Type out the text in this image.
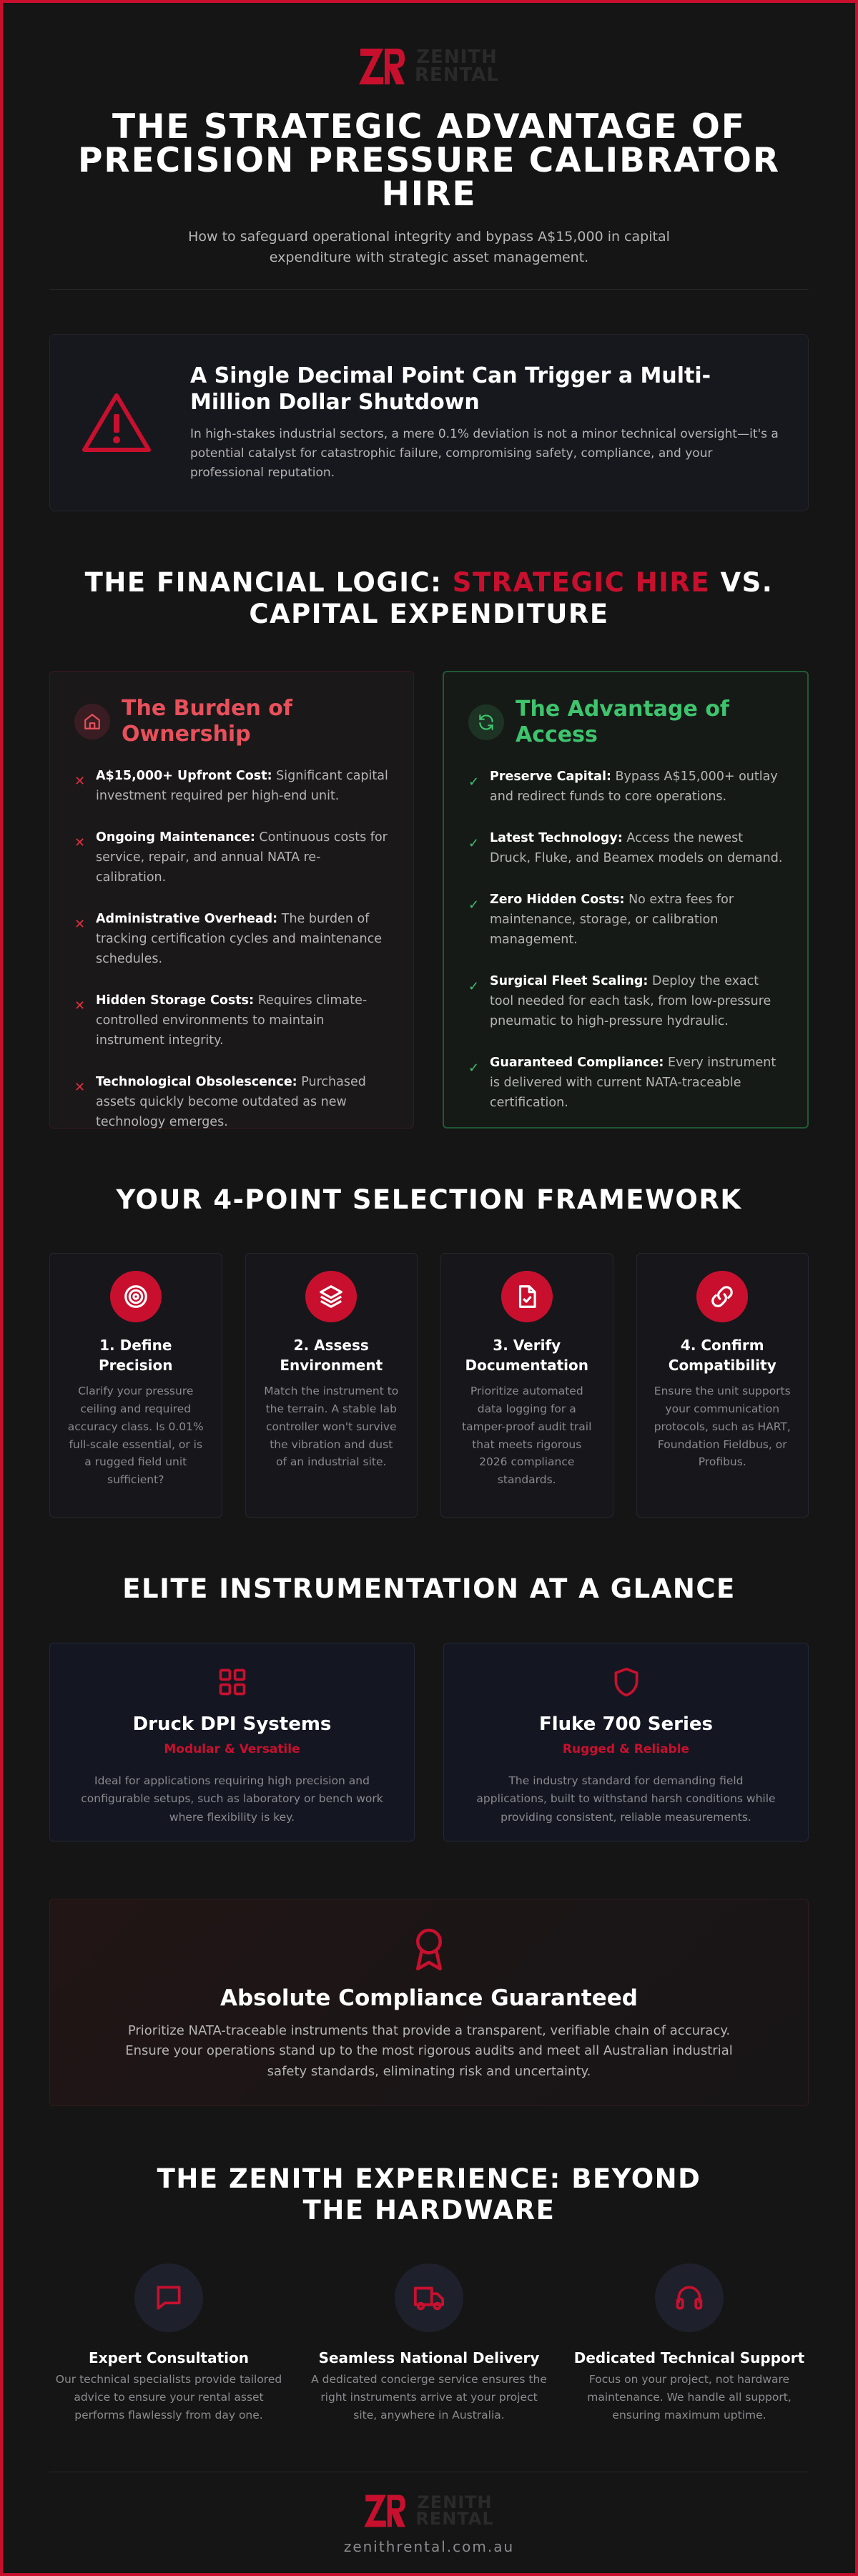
ZENITH
RENTAL
THE STRATEGIC ADVANTAGE OF PRECISION PRESSURE CALIBRATOR HIRE

How to safeguard operational integrity and bypass A$15,000 in capital expenditure with strategic asset management.

A Single Decimal Point Can Trigger a Multi-Million Dollar Shutdown

In high-stakes industrial sectors, a mere 0.1% deviation is not a minor technical oversight—it's a potential catalyst for catastrophic failure, compromising safety, compliance, and your professional reputation.

THE FINANCIAL LOGIC: STRATEGIC HIRE VS. CAPITAL EXPENDITURE
The Burden of Ownership
✕ A$15,000+ Upfront Cost: Significant capital investment required per high-end unit.
✕ Ongoing Maintenance: Continuous costs for service, repair, and annual NATA re-calibration.
✕ Administrative Overhead: The burden of tracking certification cycles and maintenance schedules.
✕ Hidden Storage Costs: Requires climate-controlled environments to maintain instrument integrity.
✕ Technological Obsolescence: Purchased assets quickly become outdated as new technology emerges.
The Advantage of Access
✓ Preserve Capital: Bypass A$15,000+ outlay and redirect funds to core operations.
✓ Latest Technology: Access the newest Druck, Fluke, and Beamex models on demand.
✓ Zero Hidden Costs: No extra fees for maintenance, storage, or calibration management.
✓ Surgical Fleet Scaling: Deploy the exact tool needed for each task, from low-pressure pneumatic to high-pressure hydraulic.
✓ Guaranteed Compliance: Every instrument is delivered with current NATA-traceable certification.
YOUR 4-POINT SELECTION FRAMEWORK
1. Define Precision

Clarify your pressure ceiling and required accuracy class. Is 0.01% full-scale essential, or is a rugged field unit sufficient?

2. Assess Environment

Match the instrument to the terrain. A stable lab controller won't survive the vibration and dust of an industrial site.

3. Verify Documentation

Prioritize automated data logging for a tamper-proof audit trail that meets rigorous 2026 compliance standards.

4. Confirm Compatibility

Ensure the unit supports your communication protocols, such as HART, Foundation Fieldbus, or Profibus.

ELITE INSTRUMENTATION AT A GLANCE
Druck DPI Systems
Modular & Versatile

Ideal for applications requiring high precision and configurable setups, such as laboratory or bench work where flexibility is key.

Fluke 700 Series
Rugged & Reliable

The industry standard for demanding field applications, built to withstand harsh conditions while providing consistent, reliable measurements.

Absolute Compliance Guaranteed

Prioritize NATA-traceable instruments that provide a transparent, verifiable chain of accuracy. Ensure your operations stand up to the most rigorous audits and meet all Australian industrial safety standards, eliminating risk and uncertainty.

THE ZENITH EXPERIENCE: BEYOND THE HARDWARE
Expert Consultation

Our technical specialists provide tailored advice to ensure your rental asset performs flawlessly from day one.

Seamless National Delivery

A dedicated concierge service ensures the right instruments arrive at your project site, anywhere in Australia.

Dedicated Technical Support

Focus on your project, not hardware maintenance. We handle all support, ensuring maximum uptime.

ZENITH
RENTAL
zenithrental.com.au
